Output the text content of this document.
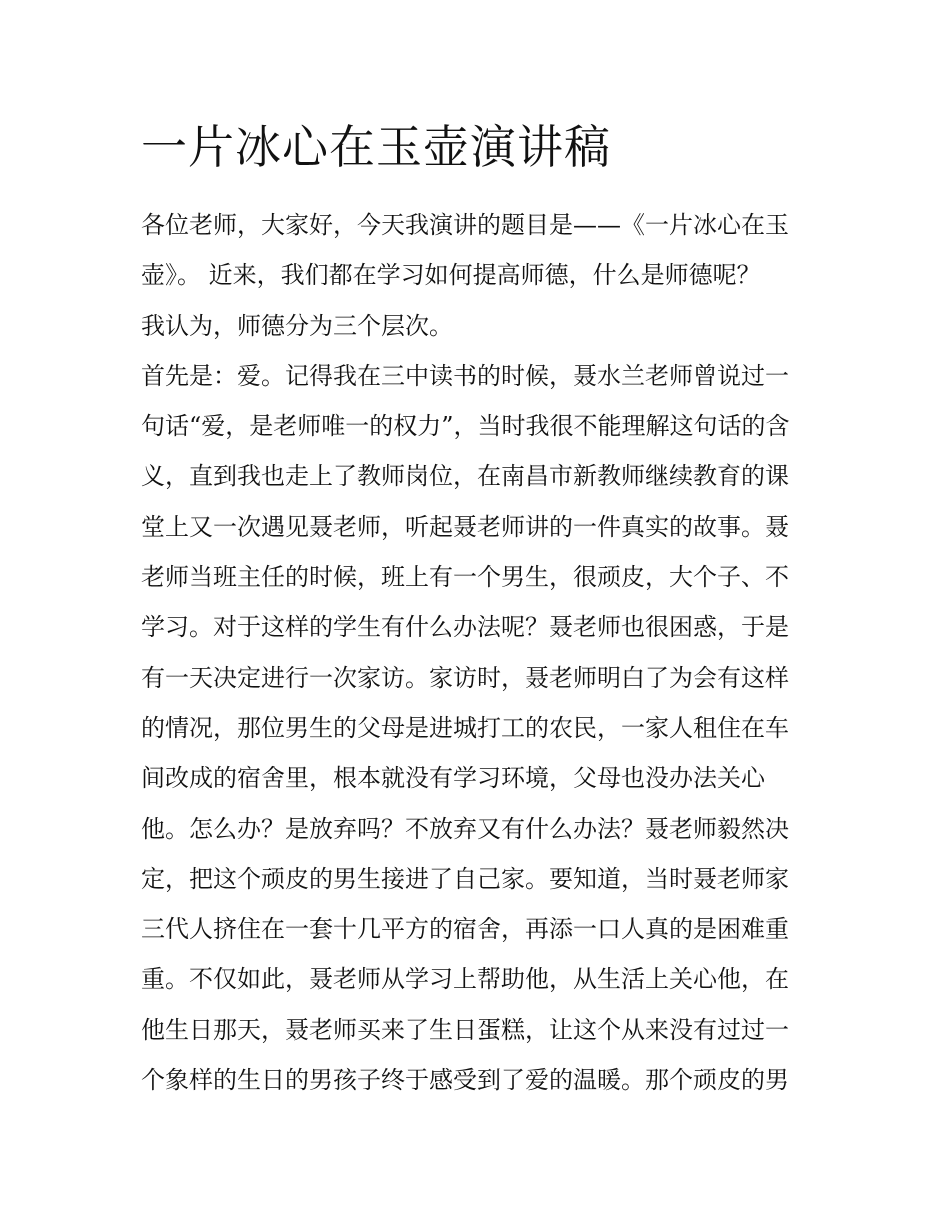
一片冰心在玉壶演讲稿
各位老师，大家好，今天我演讲的题目是——《一片冰心在玉
壶》。 近来，我们都在学习如何提高师德，什么是师德呢？
我认为，师德分为三个层次。
首先是：爱。记得我在三中读书的时候，聂水兰老师曾说过一
句话“爱，是老师唯一的权力”，当时我很不能理解这句话的含
义，直到我也走上了教师岗位，在南昌市新教师继续教育的课
堂上又一次遇见聂老师，听起聂老师讲的一件真实的故事。聂
老师当班主任的时候，班上有一个男生，很顽皮，大个子、不
学习。对于这样的学生有什么办法呢？聂老师也很困惑，于是
有一天决定进行一次家访。家访时，聂老师明白了为会有这样
的情况，那位男生的父母是进城打工的农民，一家人租住在车
间改成的宿舍里，根本就没有学习环境，父母也没办法关心
他。怎么办？是放弃吗？不放弃又有什么办法？聂老师毅然决
定，把这个顽皮的男生接进了自己家。要知道，当时聂老师家
三代人挤住在一套十几平方的宿舍，再添一口人真的是困难重
重。不仅如此，聂老师从学习上帮助他，从生活上关心他，在
他生日那天，聂老师买来了生日蛋糕，让这个从来没有过过一
个象样的生日的男孩子终于感受到了爱的温暖。那个顽皮的男
